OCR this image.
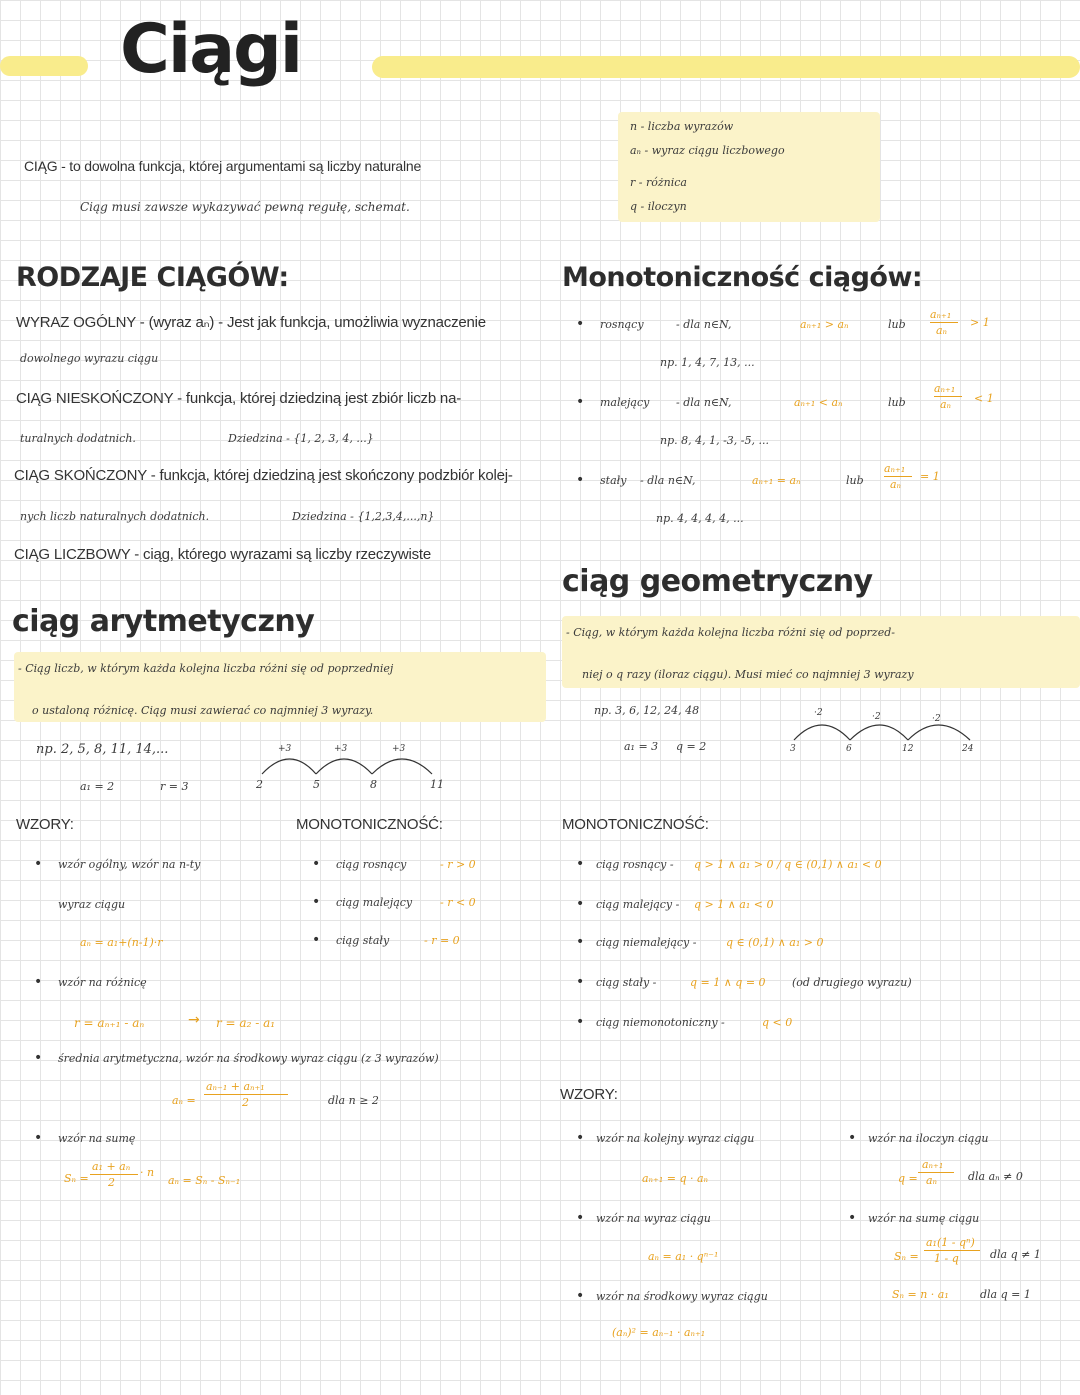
Ciągi
CIĄG - to dowolna funkcja, której argumentami są liczby naturalne
Ciąg musi zawsze wykazywać pewną regułę, schemat.
n - liczba wyrazów
aₙ - wyraz ciągu liczbowego
r - różnica
q - iloczyn
RODZAJE CIĄGÓW:
WYRAZ OGÓLNY - (wyraz aₙ) - Jest jak funkcja, umożliwia wyznaczenie
dowolnego wyrazu ciągu
CIĄG NIESKOŃCZONY - funkcja, której dziedziną jest zbiór liczb na-
turalnych dodatnich.	Dziedzina - {1, 2, 3, 4, ...}
CIĄG SKOŃCZONY - funkcja, której dziedziną jest skończony podzbiór kolej-
nych liczb naturalnych dodatnich.	Dziedzina - {1,2,3,4,...,n}
CIĄG LICZBOWY - ciąg, którego wyrazami są liczby rzeczywiste
Monotoniczność ciągów:
• rosnący	- dla n∈N,	aₙ₊₁ > aₙ	lub
aₙ₊₁
aₙ
> 1
np. 1, 4, 7, 13, ...
• malejący - dla n∈N,	aₙ₊₁ < aₙ	lub
aₙ₊₁
aₙ < 1
np. 8, 4, 1, -3, -5, ...
• stały - dla n∈N,	aₙ₊₁ = aₙ	lub
aₙ₊₁
aₙ
= 1
np. 4, 4, 4, 4, ...
ciąg arytmetyczny
- Ciąg liczb, w którym każda kolejna liczba różni się od poprzedniej
o ustaloną różnicę. Ciąg musi zawierać co najmniej 3 wyrazy.
np. 2, 5, 8, 11, 14,...
a₁ = 2	r = 3
+3	+3	+3
2	5	8	11
WZORY:
• wzór ogólny, wzór na n-ty
wyraz ciągu
aₙ = a₁+(n-1)·r
• wzór na różnicę
r = aₙ₊₁ - aₙ	→ r = a₂ - a₁
• średnia arytmetyczna, wzór na środkowy wyraz ciągu (z 3 wyrazów)
aₙ =
aₙ₋₁ + aₙ₊₁
2	dla n ≥ 2
• wzór na sumę
Sₙ =
a₁ + aₙ
2
· n
aₙ = Sₙ - Sₙ₋₁
MONOTONICZNOŚĆ:
• ciąg rosnący	- r > 0
• ciąg malejący	- r < 0
• ciąg stały	- r = 0
ciąg geometryczny
- Ciąg, w którym każda kolejna liczba różni się od poprzed-
niej o q razy (iloraz ciągu). Musi mieć co najmniej 3 wyrazy
np. 3, 6, 12, 24, 48
a₁ = 3 q = 2
·2	·2	·2
3	6	12	24
MONOTONICZNOŚĆ:
• ciąg rosnący - q > 1 ∧ a₁ > 0 / q ∈ (0,1) ∧ a₁ < 0
• ciąg malejący - q > 1 ∧ a₁ < 0
• ciąg niemalejący -	q ∈ (0,1) ∧ a₁ > 0
• ciąg stały -	q = 1 ∧ q = 0 (od drugiego wyrazu)
• ciąg niemonotoniczny -	q < 0
WZORY:
• wzór na kolejny wyraz ciągu
aₙ₊₁ = q · aₙ
• wzór na wyraz ciągu
aₙ = a₁ · qⁿ⁻¹
• wzór na środkowy wyraz ciągu
(aₙ)² = aₙ₋₁ · aₙ₊₁
• wzór na iloczyn ciągu
q =
aₙ₊₁
aₙ	dla aₙ ≠ 0
• wzór na sumę ciągu
Sₙ =
a₁(1 - qⁿ)
1 - q	dla q ≠ 1
Sₙ = n · a₁	dla q = 1
